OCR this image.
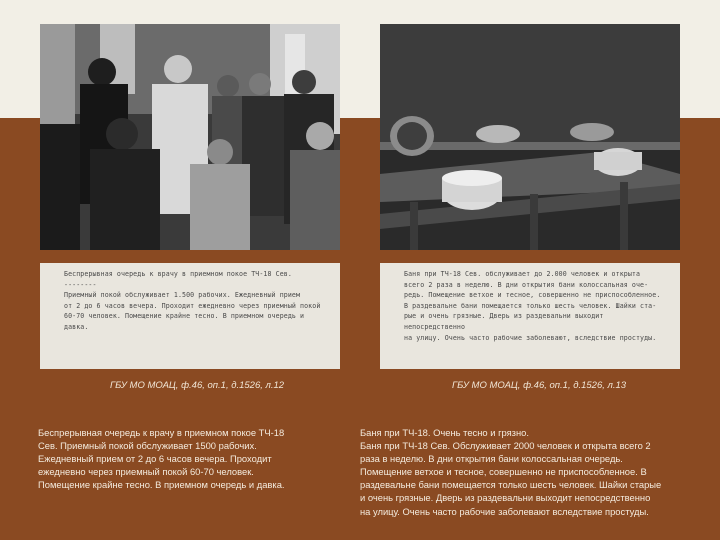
Беспрерывная очередь к врачу в приемном покое ТЧ-18 Сев.
--------
Приемный покой обслуживает 1.500 рабочих. Ежедневный прием
от 2 до 6 часов вечера. Проходит ежедневно через приемный покой
60-70 человек. Помещение крайне тесно. В приемном очередь и
давка.
Баня при ТЧ-18 Сев. обслуживает до 2.000 человек и открыта
всего 2 раза в неделю. В дни открытия бани колоссальная оче-
редь. Помещение ветхое и тесное, совершенно не приспособленное.
В раздевальне бани помещается только шесть человек. Шайки ста-
рые и очень грязные. Дверь из раздевальни выходит непосредственно
на улицу. Очень часто рабочие заболевают, вследствие простуды.
ГБУ МО МОАЦ, ф.46, оп.1, д.1526, л.12	ГБУ МО МОАЦ, ф.46, оп.1, д.1526, л.13
Беспрерывная очередь к врачу в приемном покое ТЧ-18
Сев. Приемный покой обслуживает 1500 рабочих.
Ежедневный прием от 2 до 6 часов вечера. Проходит
ежедневно через приемный покой 60-70 человек.
Помещение крайне тесно. В приемном очередь и давка.
Баня при ТЧ-18. Очень тесно и грязно.
Баня при ТЧ-18 Сев. Обслуживает 2000 человек и открыта всего 2
раза в неделю. В дни открытия бани колоссальная очередь.
Помещение ветхое и тесное, совершенно не приспособленное. В
раздевальне бани помещается только шесть человек. Шайки старые
и очень грязные. Дверь из раздевальни выходит непосредственно
на улицу. Очень часто рабочие заболевают вследствие простуды.
